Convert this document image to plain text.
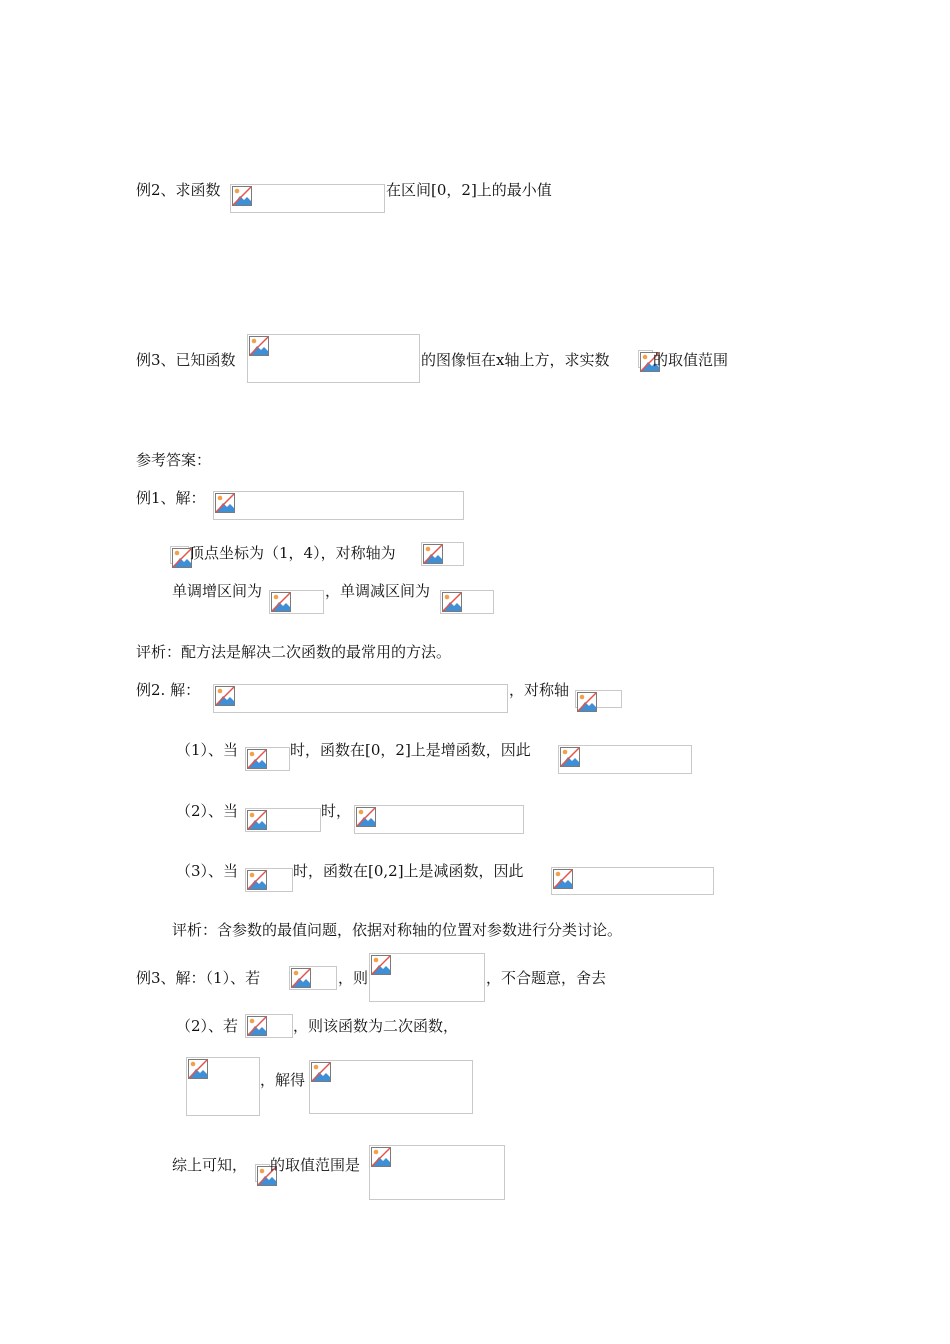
例2、求函数	在区间[0，2]上的最小值
例3、已知函数	的图像恒在x轴上方，求实数	的取值范围
参考答案：
例1、解：
顶点坐标为（1，4），对称轴为
单调增区间为	，单调减区间为
评析：配方法是解决二次函数的最常用的方法。
例2. 解：	，对称轴
（1）、当	时，函数在[0，2]上是增函数，因此
（2）、当	时，
（3）、当	时，函数在[0,2]上是减函数，因此
评析：含参数的最值问题，依据对称轴的位置对参数进行分类讨论。
例3、解：（1）、若	，则	，不合题意，舍去
（2）、若	，则该函数为二次函数，
，解得
综上可知， 的取值范围是
